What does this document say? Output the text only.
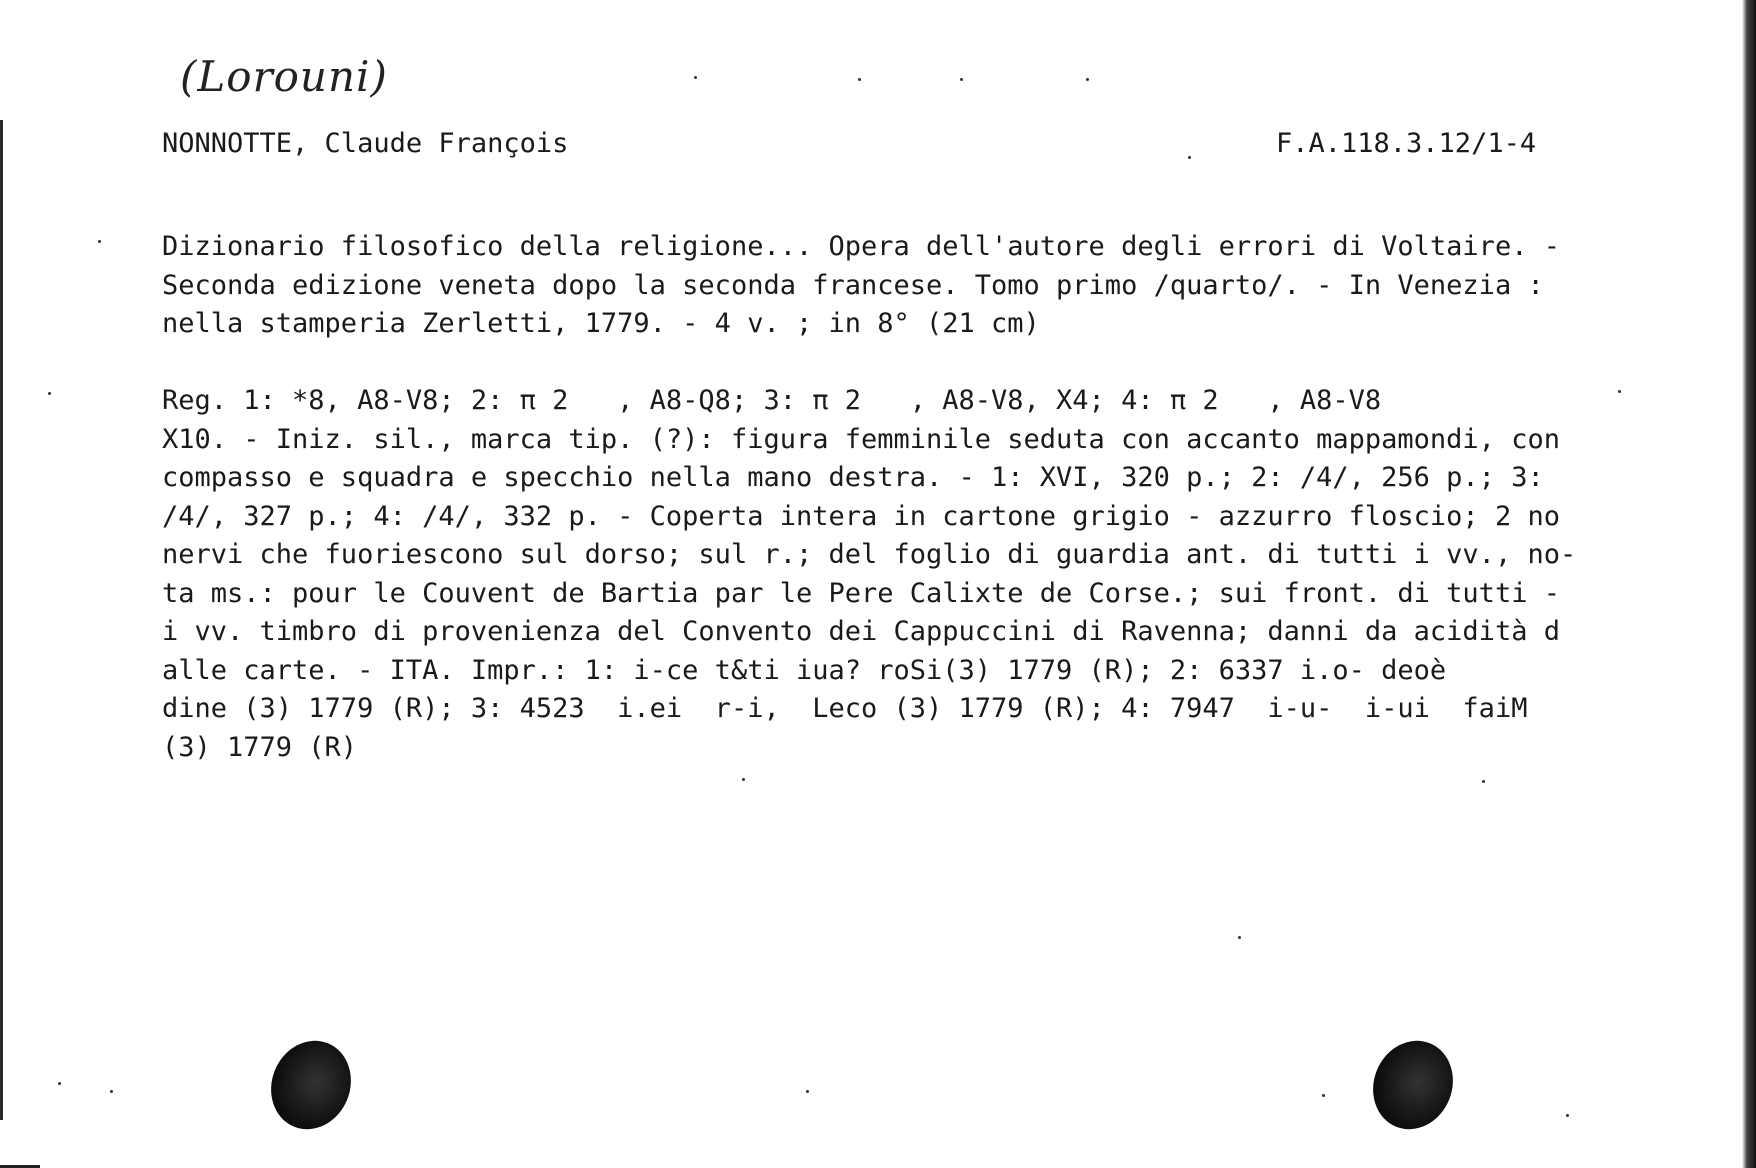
(Lorouni)
NONNOTTE, Claude François	F.A.118.3.12/1-4
Dizionario filosofico della religione... Opera dell'autore degli errori di Voltaire. -
Seconda edizione veneta dopo la seconda francese. Tomo primo /quarto/. - In Venezia :
nella stamperia Zerletti, 1779. - 4 v. ; in 8° (21 cm)
Reg. 1: *8, A8-V8; 2: π 2   , A8-Q8; 3: π 2   , A8-V8, X4; 4: π 2   , A8-V8
X10. - Iniz. sil., marca tip. (?): figura femminile seduta con accanto mappamondi, con
compasso e squadra e specchio nella mano destra. - 1: XVI, 320 p.; 2: /4/, 256 p.; 3:
/4/, 327 p.; 4: /4/, 332 p. - Coperta intera in cartone grigio - azzurro floscio; 2 no
nervi che fuoriescono sul dorso; sul r.; del foglio di guardia ant. di tutti i vv., no-
ta ms.: pour le Couvent de Bartia par le Pere Calixte de Corse.; sui front. di tutti -
i vv. timbro di provenienza del Convento dei Cappuccini di Ravenna; danni da acidità d
alle carte. - ITA. Impr.: 1: i-ce t&ti iua? roSi(3) 1779 (R); 2: 6337 i.o- deoè
dine (3) 1779 (R); 3: 4523  i.ei  r-i,  Leco (3) 1779 (R); 4: 7947  i-u-  i-ui  faiM
(3) 1779 (R)
